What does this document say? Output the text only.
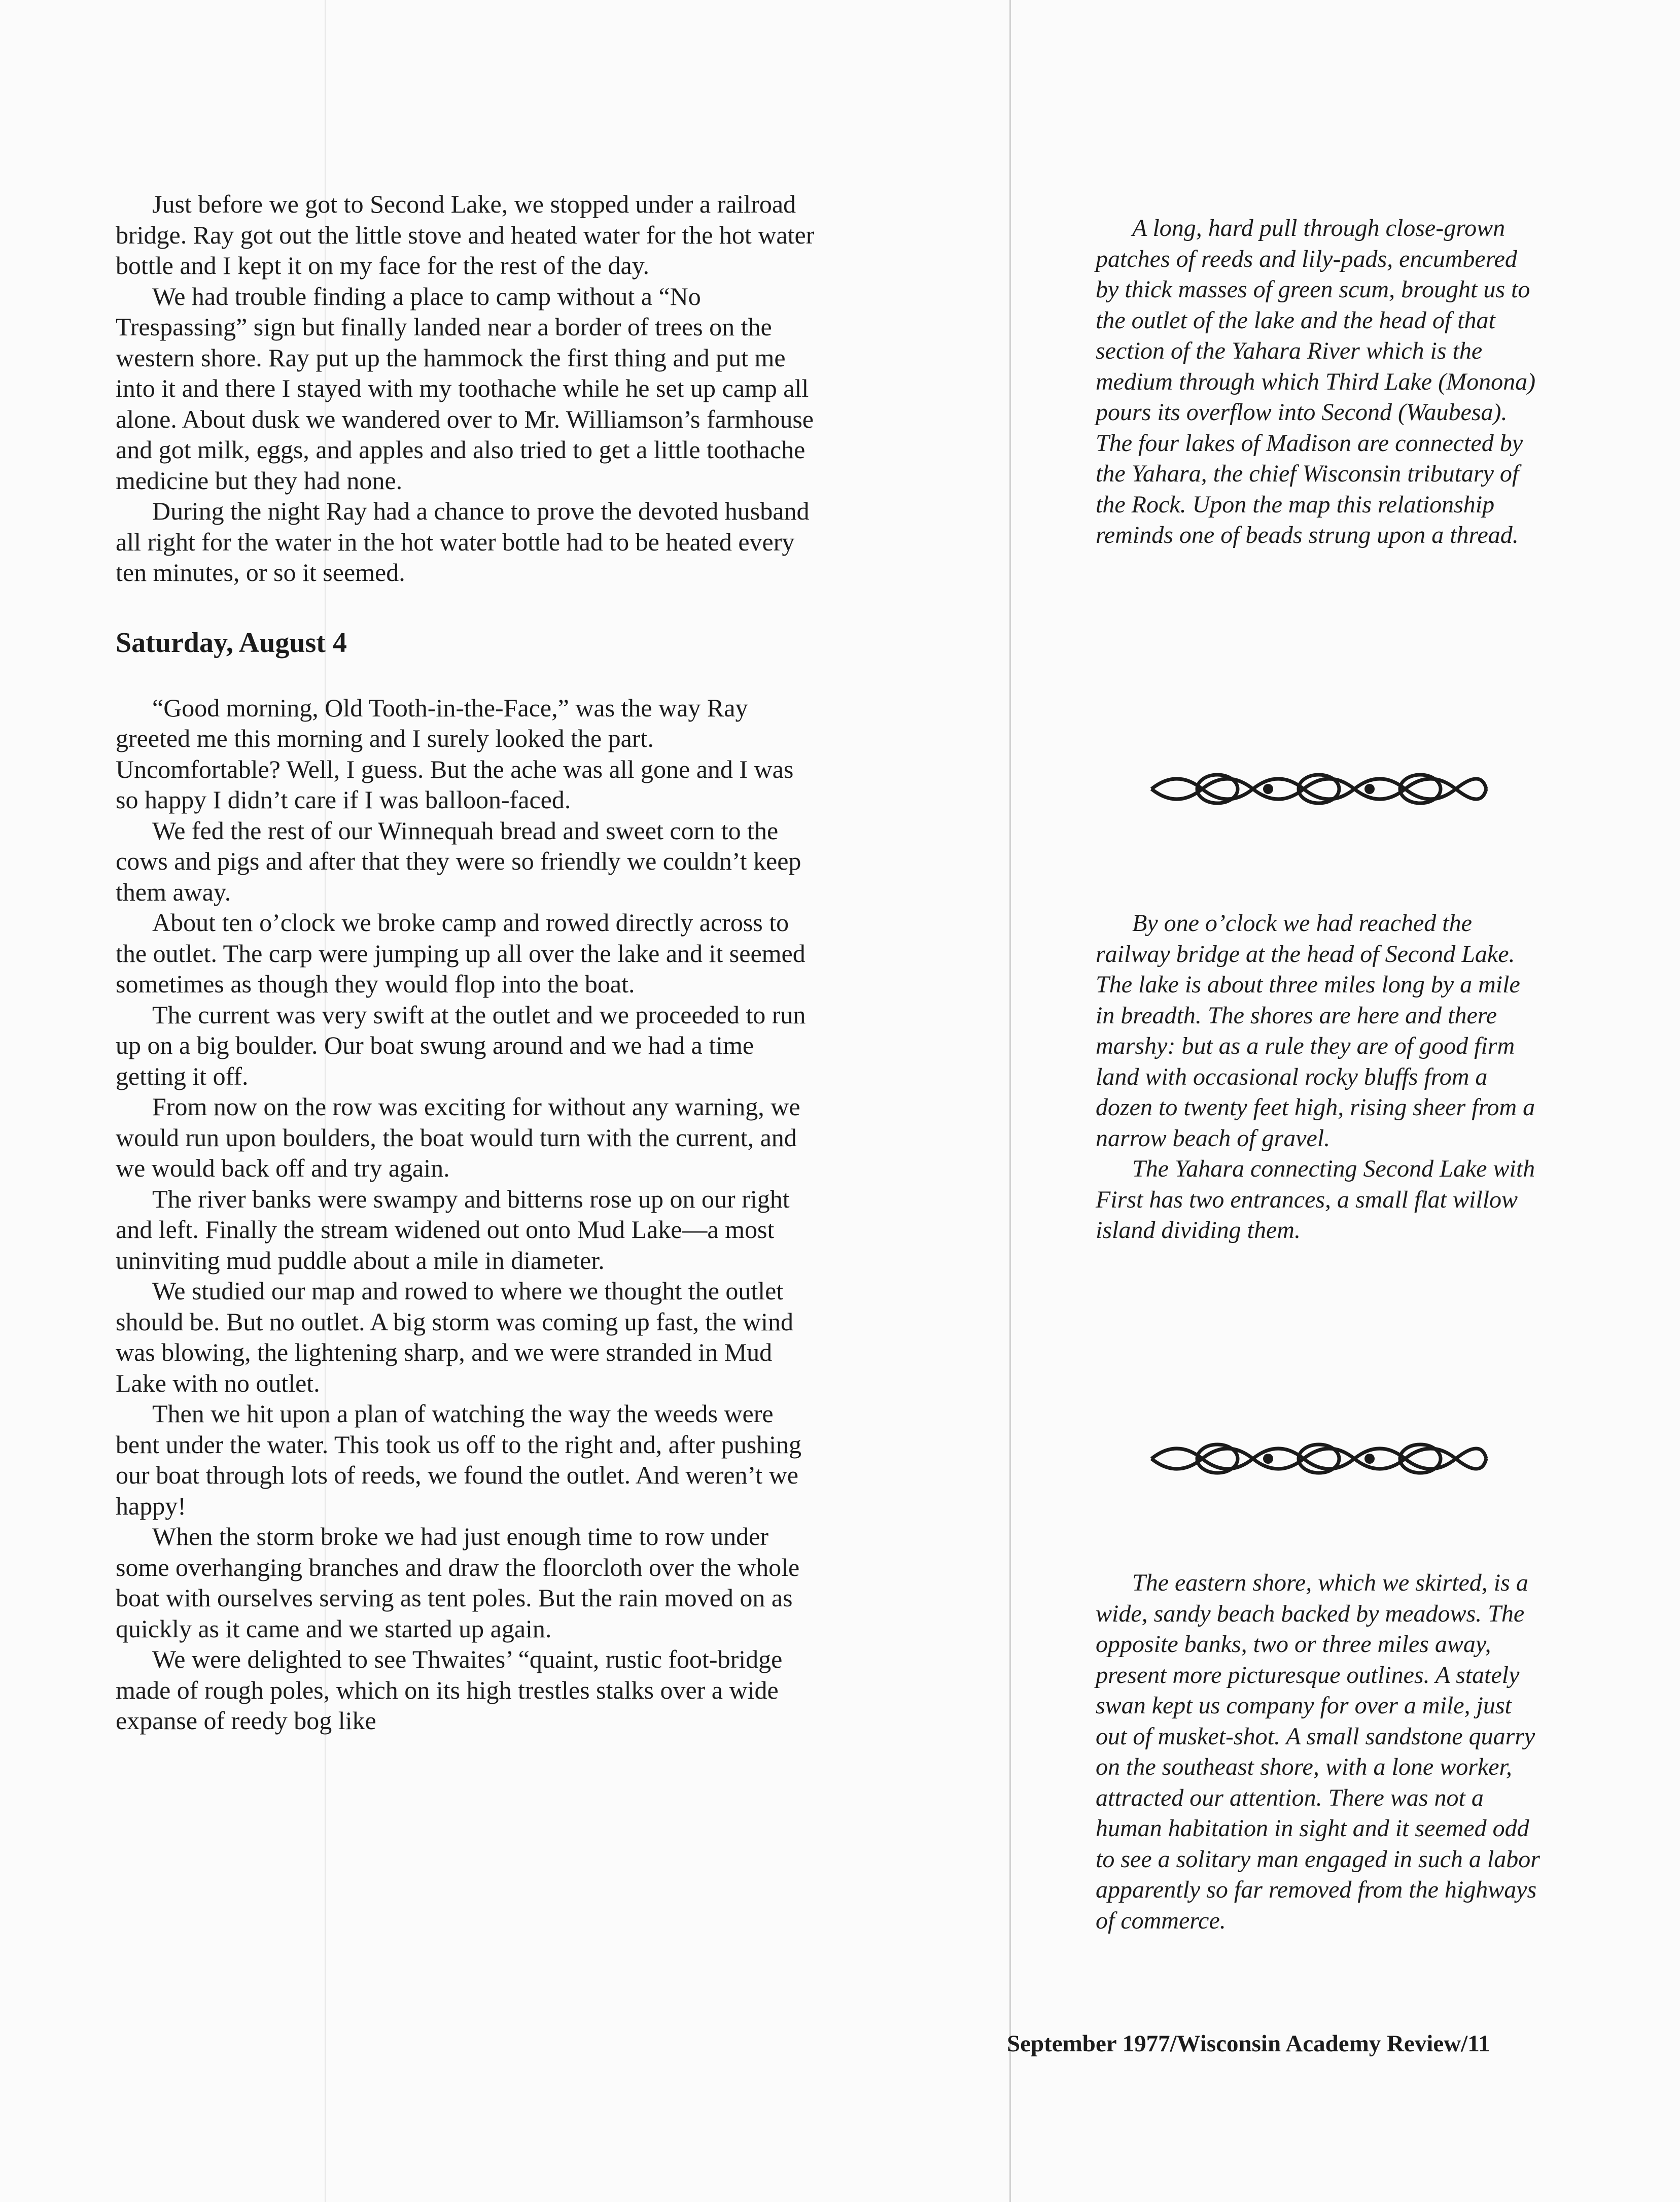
Just before we got to Second Lake, we stopped under a railroad bridge. Ray got out the little stove and heated water for the hot water bottle and I kept it on my face for the rest of the day.

We had trouble finding a place to camp without a “No Trespassing” sign but finally landed near a border of trees on the western shore. Ray put up the hammock the first thing and put me into it and there I stayed with my toothache while he set up camp all alone. About dusk we wandered over to Mr. Williamson’s farmhouse and got milk, eggs, and apples and also tried to get a little toothache medicine but they had none.

During the night Ray had a chance to prove the devoted husband all right for the water in the hot water bottle had to be heated every ten minutes, or so it seemed.

Saturday, August 4

“Good morning, Old Tooth-in-the-Face,” was the way Ray greeted me this morning and I surely looked the part. Uncomfortable? Well, I guess. But the ache was all gone and I was so happy I didn’t care if I was balloon-faced.

We fed the rest of our Winnequah bread and sweet corn to the cows and pigs and after that they were so friendly we couldn’t keep them away.

About ten o’clock we broke camp and rowed directly across to the outlet. The carp were jumping up all over the lake and it seemed sometimes as though they would flop into the boat.

The current was very swift at the outlet and we proceeded to run up on a big boulder. Our boat swung around and we had a time getting it off.

From now on the row was exciting for without any warning, we would run upon boulders, the boat would turn with the current, and we would back off and try again.

The river banks were swampy and bitterns rose up on our right and left. Finally the stream widened out onto Mud Lake—a most uninviting mud puddle about a mile in diameter.

We studied our map and rowed to where we thought the outlet should be. But no outlet. A big storm was coming up fast, the wind was blowing, the lightening sharp, and we were stranded in Mud Lake with no outlet.

Then we hit upon a plan of watching the way the weeds were bent under the water. This took us off to the right and, after pushing our boat through lots of reeds, we found the outlet. And weren’t we happy!

When the storm broke we had just enough time to row under some overhanging branches and draw the floorcloth over the whole boat with ourselves serving as tent poles. But the rain moved on as quickly as it came and we started up again.

We were delighted to see Thwaites’ “quaint, rustic foot-bridge made of rough poles, which on its high trestles stalks over a wide expanse of reedy bog like

A long, hard pull through close-grown patches of reeds and lily-pads, encumbered by thick masses of green scum, brought us to the outlet of the lake and the head of that section of the Yahara River which is the medium through which Third Lake (Monona) pours its overflow into Second (Waubesa). The four lakes of Madison are connected by the Yahara, the chief Wisconsin tributary of the Rock. Upon the map this relationship reminds one of beads strung upon a thread.

By one o’clock we had reached the railway bridge at the head of Second Lake. The lake is about three miles long by a mile in breadth. The shores are here and there marshy: but as a rule they are of good firm land with occasional rocky bluffs from a dozen to twenty feet high, rising sheer from a narrow beach of gravel.

The Yahara connecting Second Lake with First has two entrances, a small flat willow island dividing them.

The eastern shore, which we skirted, is a wide, sandy beach backed by meadows. The opposite banks, two or three miles away, present more picturesque outlines. A stately swan kept us company for over a mile, just out of musket-shot. A small sandstone quarry on the southeast shore, with a lone worker, attracted our attention. There was not a human habitation in sight and it seemed odd to see a solitary man engaged in such a labor apparently so far removed from the highways of commerce.

September 1977/Wisconsin Academy Review/11
